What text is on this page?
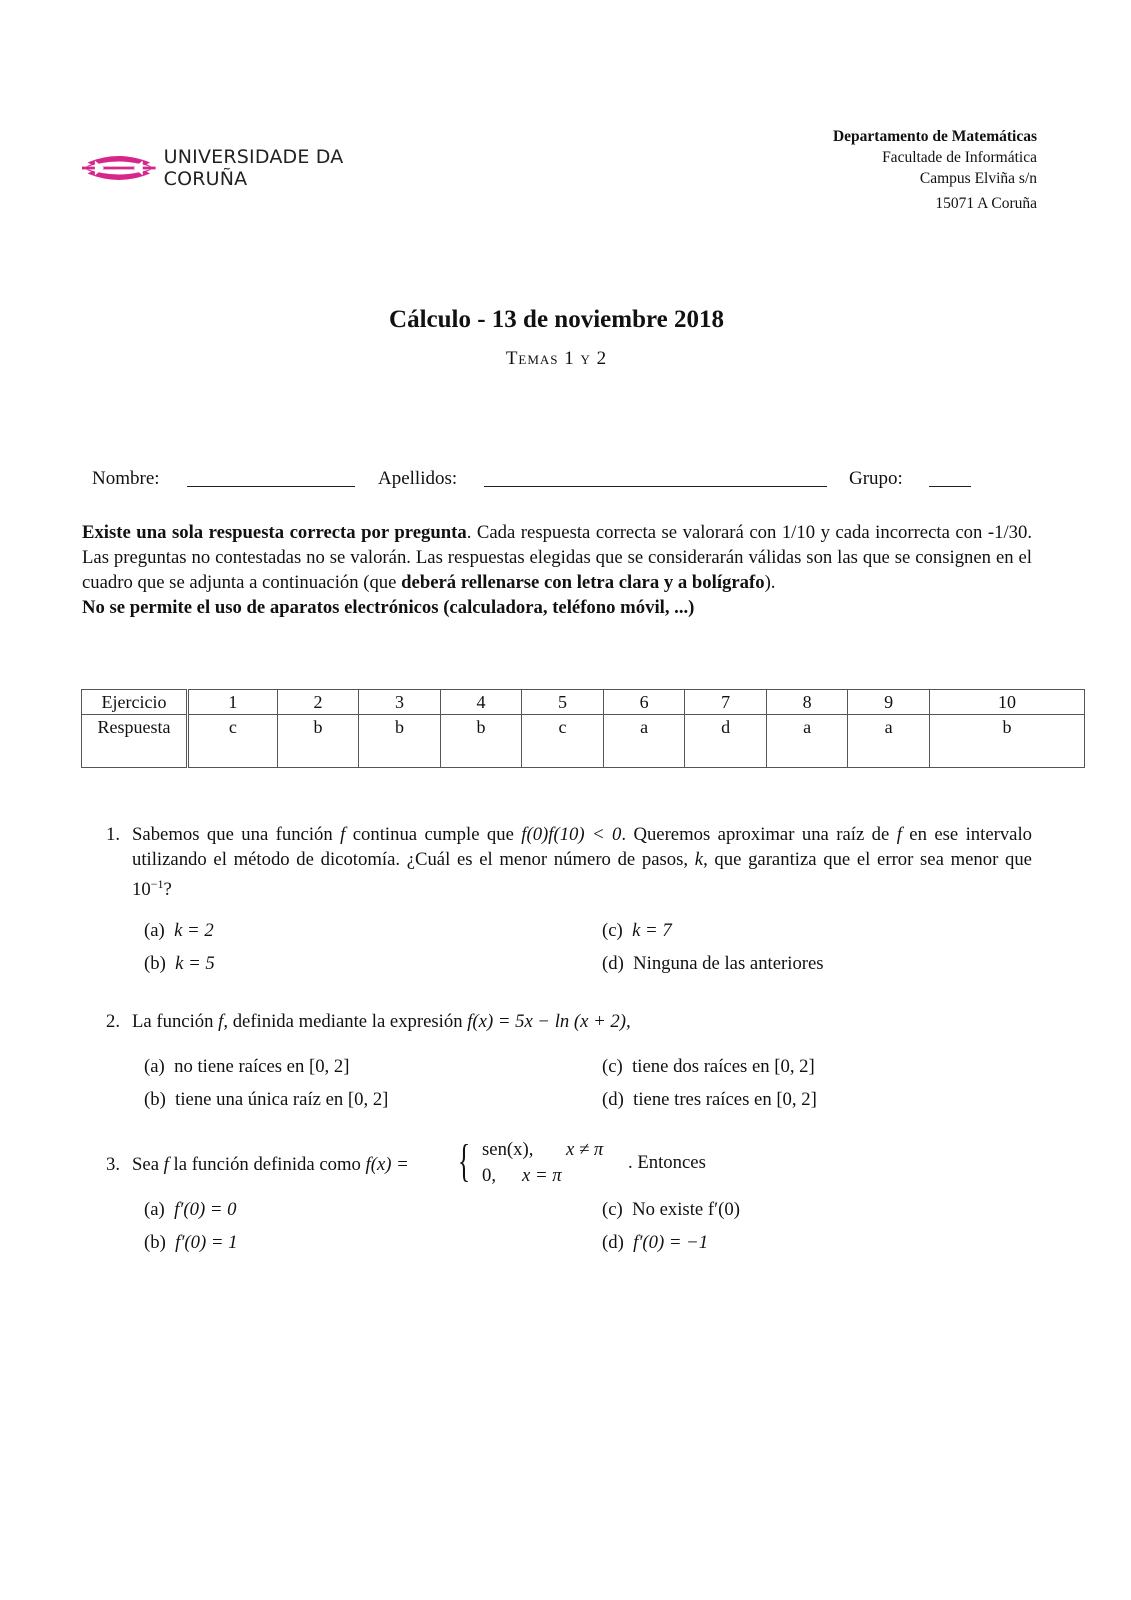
UNIVERSIDADE DA CORUÑA
Departamento de Matemáticas
Facultade de Informática
Campus Elviña s/n
15071 A Coruña
Cálculo - 13 de noviembre 2018
Temas 1 y 2
Nombre:	Apellidos:	Grupo:
Existe una sola respuesta correcta por pregunta. Cada respuesta correcta se valorará con 1/10 y cada incorrecta con -1/30. Las preguntas no contestadas no se valorán. Las respuestas elegidas que se considerarán válidas son las que se consignen en el cuadro que se adjunta a continuación (que deberá rellenarse con letra clara y a bolígrafo).
No se permite el uso de aparatos electrónicos (calculadora, teléfono móvil, ...)
Ejercicio	1	2	3	4	5	6	7	8	9	10
Respuesta	c	b	b	b	c	a	d	a	a	b
1. Sabemos que una función f continua cumple que f(0)f(10) < 0. Queremos aproximar una raíz de f en ese intervalo utilizando el método de dicotomía. ¿Cuál es el menor número de pasos, k, que garantiza que el error sea menor que $10^{-1}$?
(a) k = 2
(b) k = 5
(c) k = 7
(d) Ninguna de las anteriores
2. La función f, definida mediante la expresión f(x) = 5x − ln (x + 2),
(a) no tiene raíces en [0, 2]
(b) tiene una única raíz en [0, 2]
(c) tiene dos raíces en [0, 2]
(d) tiene tres raíces en [0, 2]
3. Sea f la función definida como f(x) = { sen(x), x ≠ π
0, x = π
. Entonces
(a) f′(0) = 0
(b) f′(0) = 1
(c) No existe f′(0)
(d) f′(0) = −1
